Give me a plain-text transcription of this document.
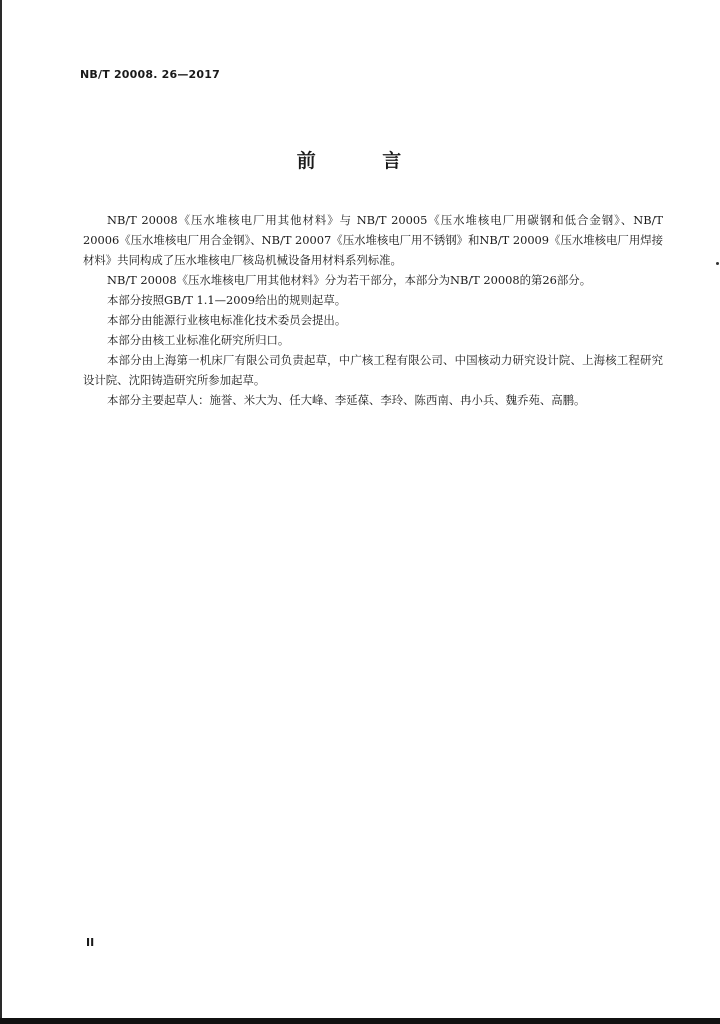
NB/T 20008. 26—2017
前 言

NB/T 20008《压水堆核电厂用其他材料》与 NB/T 20005《压水堆核电厂用碳钢和低合金钢》、NB/T 20006《压水堆核电厂用合金钢》、NB/T 20007《压水堆核电厂用不锈钢》和NB/T 20009《压水堆核电厂用焊接材料》共同构成了压水堆核电厂核岛机械设备用材料系列标准。

NB/T 20008《压水堆核电厂用其他材料》分为若干部分，本部分为NB/T 20008的第26部分。

本部分按照GB/T 1.1—2009给出的规则起草。

本部分由能源行业核电标准化技术委员会提出。

本部分由核工业标准化研究所归口。

本部分由上海第一机床厂有限公司负责起草，中广核工程有限公司、中国核动力研究设计院、上海核工程研究设计院、沈阳铸造研究所参加起草。

本部分主要起草人：施誉、米大为、任大峰、李延葆、李玲、陈西南、冉小兵、魏乔苑、高鹏。

II
